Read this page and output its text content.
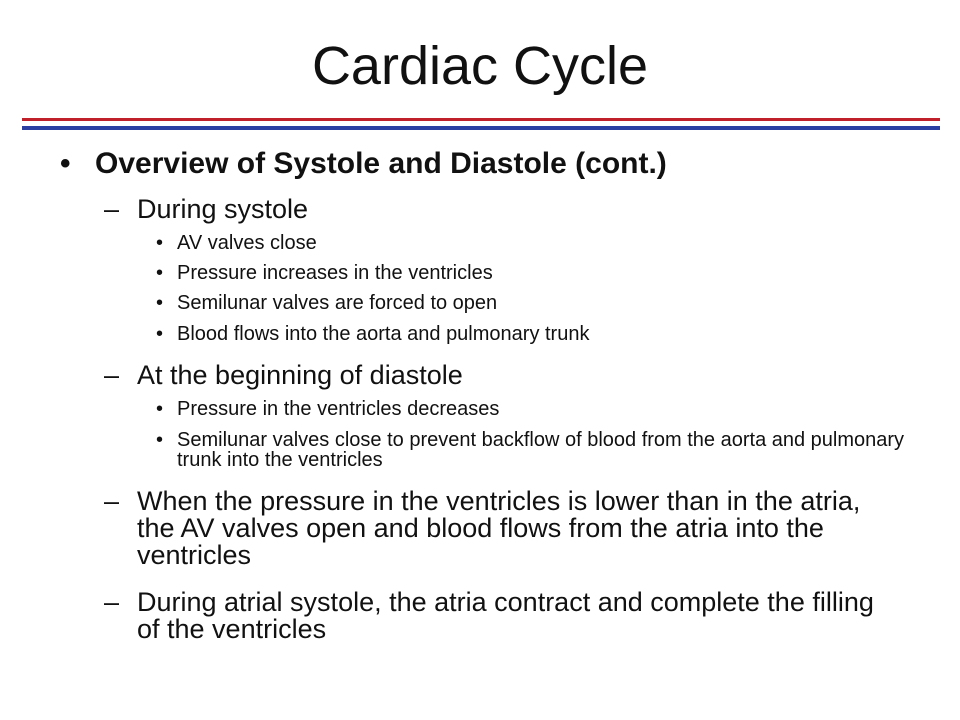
Cardiac Cycle
• Overview of Systole and Diastole (cont.)
– During systole
• AV valves close
• Pressure increases in the ventricles
• Semilunar valves are forced to open
• Blood flows into the aorta and pulmonary trunk
– At the beginning of diastole
• Pressure in the ventricles decreases
• Semilunar valves close to prevent backflow of blood from the aorta and pulmonary trunk into the ventricles
– When the pressure in the ventricles is lower than in the atria, the AV valves open and blood flows from the atria into the ventricles
– During atrial systole, the atria contract and complete the filling of the ventricles
